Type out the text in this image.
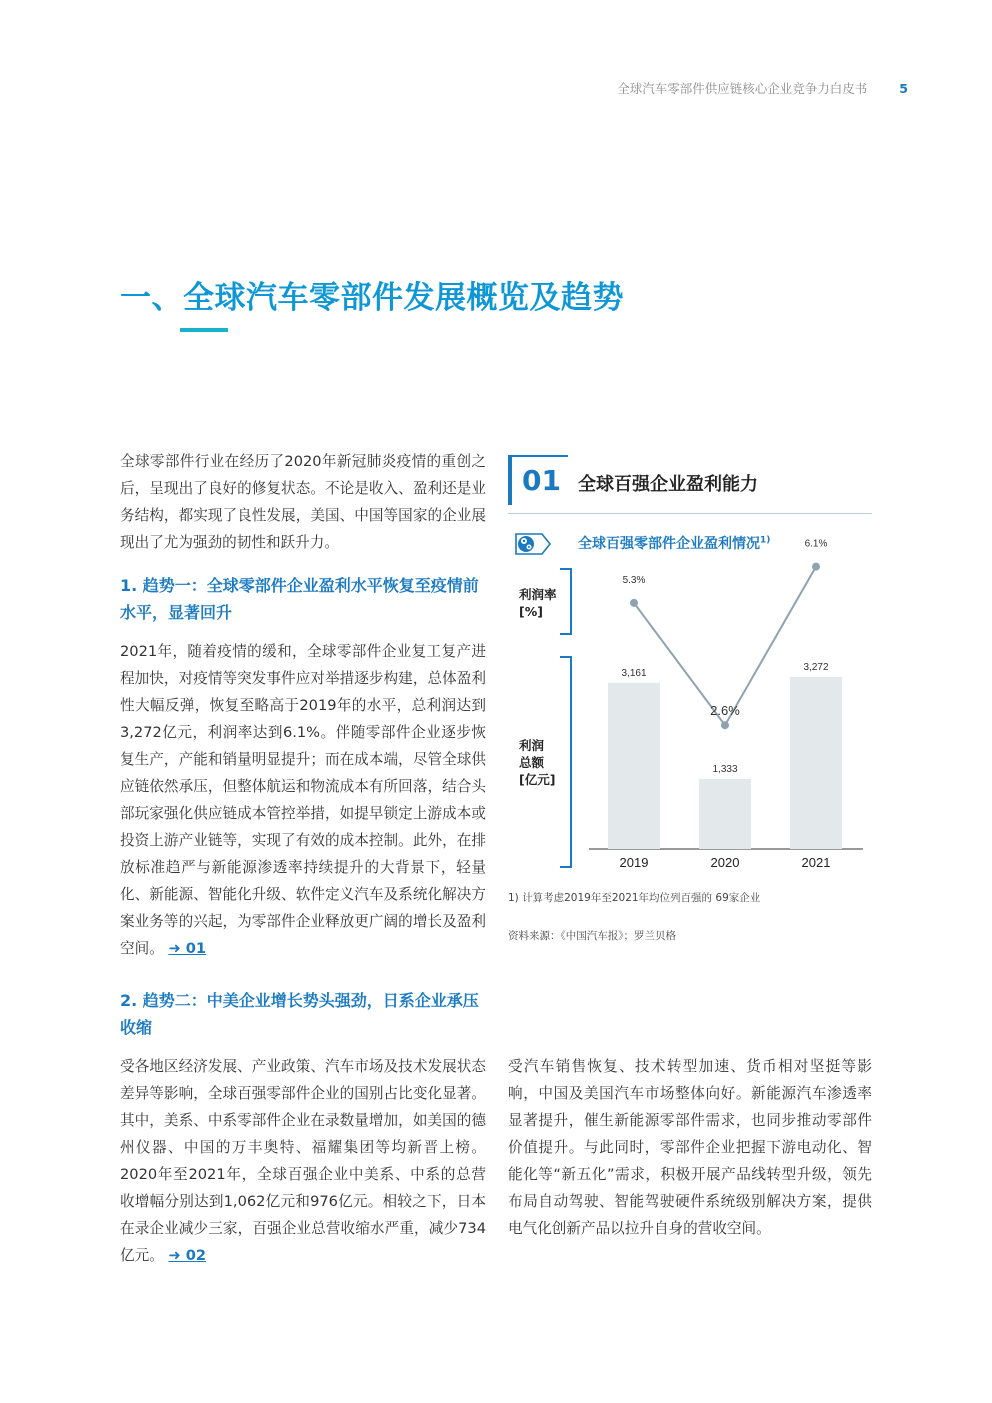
全球汽车零部件供应链核心企业竞争力白皮书	5
一、全球汽车零部件发展概览及趋势
全球零部件行业在经历了2020年新冠肺炎疫情的重创之后，呈现出了良好的修复状态。不论是收入、盈利还是业务结构，都实现了良性发展，美国、中国等国家的企业展现出了尤为强劲的韧性和跃升力。
1. 趋势一：全球零部件企业盈利水平恢复至疫情前水平，显著回升
2021年，随着疫情的缓和，全球零部件企业复工复产进程加快，对疫情等突发事件应对举措逐步构建，总体盈利性大幅反弹，恢复至略高于2019年的水平，总利润达到3,272亿元，利润率达到6.1%。伴随零部件企业逐步恢复生产，产能和销量明显提升；而在成本端，尽管全球供应链依然承压，但整体航运和物流成本有所回落，结合头部玩家强化供应链成本管控举措，如提早锁定上游成本或投资上游产业链等，实现了有效的成本控制。此外，在排放标准趋严与新能源渗透率持续提升的大背景下，轻量化、新能源、智能化升级、软件定义汽车及系统化解决方案业务等的兴起，为零部件企业释放更广阔的增长及盈利空间。 ➜ 01
2. 趋势二：中美企业增长势头强劲，日系企业承压收缩
受各地区经济发展、产业政策、汽车市场及技术发展状态差异等影响，全球百强零部件企业的国别占比变化显著。其中，美系、中系零部件企业在录数量增加，如美国的德州仪器、中国的万丰奥特、福耀集团等均新晋上榜。2020年至2021年，全球百强企业中美系、中系的总营收增幅分别达到1,062亿元和976亿元。相较之下，日本在录企业减少三家，百强企业总营收缩水严重，减少734亿元。 ➜ 02
受汽车销售恢复、技术转型加速、货币相对坚挺等影响，中国及美国汽车市场整体向好。新能源汽车渗透率显著提升，催生新能源零部件需求，也同步推动零部件价值提升。与此同时，零部件企业把握下游电动化、智能化等“新五化”需求，积极开展产品线转型升级，领先布局自动驾驶、智能驾驶硬件系统级别解决方案，提供电气化创新产品以拉升自身的营收空间。
01 全球百强企业盈利能力
全球百强零部件企业盈利情况$^{1)}$
利润率
[%]
利润
总额
[亿元]
3,161
1,333
3,272
5.3%
2.6%
6.1%
2019	2020	2021
1) 计算考虑2019年至2021年均位列百强的 69家企业
资料来源：《中国汽车报》；罗兰贝格
